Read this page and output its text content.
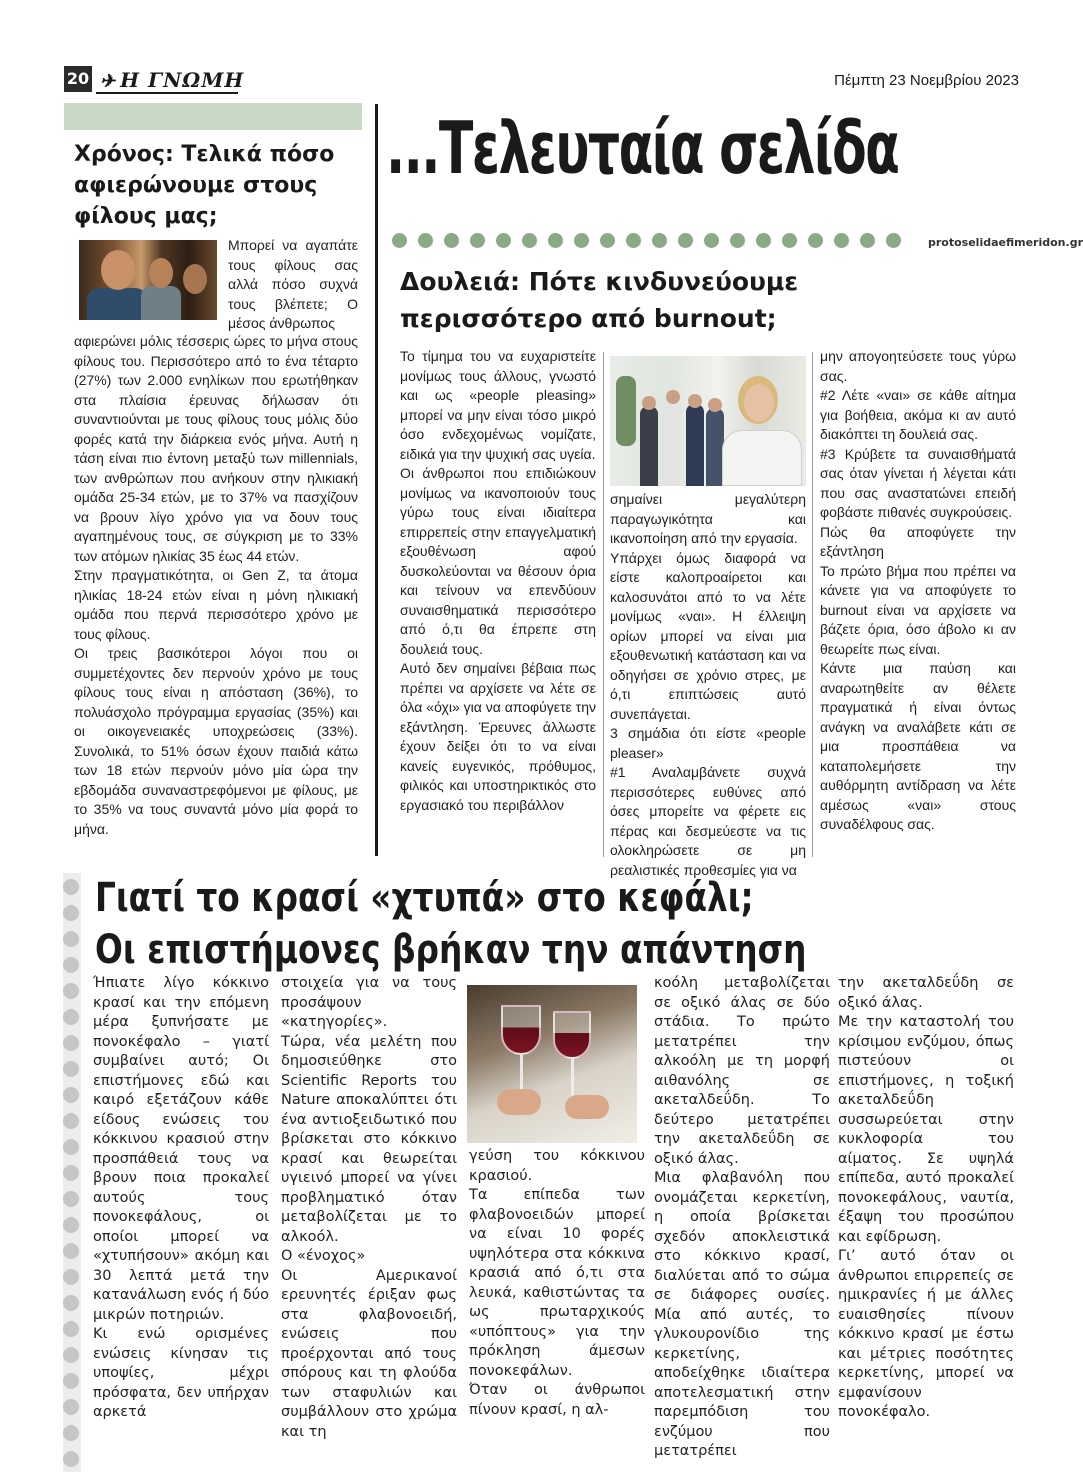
20 ✈ Η ΓΝΩΜΗ	Πέμπτη 23 Νοεμβρίου 2023
Χρόνος: Τελικά πόσο αφιερώνουμε στους φίλους μας;
Μπορεί να αγαπάτε τους φίλους σας αλλά πόσο συχνά τους βλέπετε; Ο μέσος άνθρωπος

αφιερώνει μόλις τέσσερις ώρες το μήνα στους φίλους του. Περισσότερο από το ένα τέταρτο (27%) των 2.000 ενηλίκων που ερωτήθηκαν στα πλαίσια έρευνας δήλωσαν ότι συναντιούνται με τους φίλους τους μόλις δύο φορές κατά την διάρκεια ενός μήνα. Αυτή η τάση είναι πιο έντονη μεταξύ των millennials, των ανθρώπων που ανήκουν στην ηλικιακή ομάδα 25-34 ετών, με το 37% να πασχίζουν να βρουν λίγο χρόνο για να δουν τους αγαπημένους τους, σε σύγκριση με το 33% των ατόμων ηλικίας 35 έως 44 ετών.

Στην πραγματικότητα, οι Gen Z, τα άτομα ηλικίας 18-24 ετών είναι η μόνη ηλικιακή ομάδα που περνά περισσότερο χρόνο με τους φίλους.

Οι τρεις βασικότεροι λόγοι που οι συμμετέχοντες δεν περνούν χρόνο με τους φίλους τους είναι η απόσταση (36%), το πολυάσχολο πρόγραμμα εργασίας (35%) και οι οικογενειακές υποχρεώσεις (33%). Συνολικά, το 51% όσων έχουν παιδιά κάτω των 18 ετών περνούν μόνο μία ώρα την εβδομάδα συναναστρεφόμενοι με φίλους, με το 35% να τους συναντά μόνο μία φορά το μήνα.

...Τελευταία σελίδα
protoselidaefimeridon.gr
Δουλειά: Πότε κινδυνεύουμε περισσότερο από burnout;

Το τίμημα του να ευχαριστείτε μονίμως τους άλλους, γνωστό και ως «people pleasing» μπορεί να μην είναι τόσο μικρό όσο ενδεχομένως νομίζατε, ειδικά για την ψυχική σας υγεία.

Οι άνθρωποι που επιδιώκουν μονίμως να ικανοποιούν τους γύρω τους είναι ιδιαίτερα επιρρεπείς στην επαγγελματική εξουθένωση αφού δυσκολεύονται να θέσουν όρια και τείνουν να επενδύουν συναισθηματικά περισσότερο από ό,τι θα έπρεπε στη δουλειά τους.

Αυτό δεν σημαίνει βέβαια πως πρέπει να αρχίσετε να λέτε σε όλα «όχι» για να αποφύγετε την εξάντληση. Έρευνες άλλωστε έχουν δείξει ότι το να είναι κανείς ευγενικός, πρόθυμος, φιλικός και υποστηρικτικός στο εργασιακό του περιβάλλον

σημαίνει μεγαλύτερη παραγωγικότητα και ικανοποίηση από την εργασία.

Υπάρχει όμως διαφορά να είστε καλοπροαίρετοι και καλοσυνάτοι από το να λέτε μονίμως «ναι». Η έλλειψη ορίων μπορεί να είναι μια εξουθενωτική κατάσταση και να οδηγήσει σε χρόνιο στρες, με ό,τι επιπτώσεις αυτό συνεπάγεται.

3 σημάδια ότι είστε «people pleaser»

#1 Αναλαμβάνετε συχνά περισσότερες ευθύνες από όσες μπορείτε να φέρετε εις πέρας και δεσμεύεστε να τις ολοκληρώσετε σε μη ρεαλιστικές προθεσμίες για να

μην απογοητεύσετε τους γύρω σας.

#2 Λέτε «ναι» σε κάθε αίτημα για βοήθεια, ακόμα κι αν αυτό διακόπτει τη δουλειά σας.

#3 Κρύβετε τα συναισθήματά σας όταν γίνεται ή λέγεται κάτι που σας αναστατώνει επειδή φοβάστε πιθανές συγκρούσεις.

Πώς θα αποφύγετε την εξάντληση

Το πρώτο βήμα που πρέπει να κάνετε για να αποφύγετε το burnout είναι να αρχίσετε να βάζετε όρια, όσο άβολο κι αν θεωρείτε πως είναι.

Κάντε μια παύση και αναρωτηθείτε αν θέλετε πραγματικά ή είναι όντως ανάγκη να αναλάβετε κάτι σε μια προσπάθεια να καταπολεμήσετε την αυθόρμητη αντίδραση να λέτε αμέσως «ναι» στους συναδέλφους σας.

Γιατί το κρασί «χτυπά» στο κεφάλι;
Οι επιστήμονες βρήκαν την απάντηση

Ήπιατε λίγο κόκκινο κρασί και την επόμενη μέρα ξυπνήσατε με πονοκέφαλο – γιατί συμβαίνει αυτό; Οι επιστήμονες εδώ και καιρό εξετάζουν κάθε είδους ενώσεις του κόκκινου κρασιού στην προσπάθειά τους να βρουν ποια προκαλεί αυτούς τους πονοκεφάλους, οι οποίοι μπορεί να «χτυπήσουν» ακόμη και 30 λεπτά μετά την κατανάλωση ενός ή δύο μικρών ποτηριών.

Κι ενώ ορισμένες ενώσεις κίνησαν τις υποψίες, μέχρι πρόσφατα, δεν υπήρχαν αρκετά

στοιχεία για να τους προσάψουν «κατηγορίες».

Τώρα, νέα μελέτη που δημοσιεύθηκε στο Scientific Reports του Nature αποκαλύπτει ότι ένα αντιοξειδωτικό που βρίσκεται στο κόκκινο κρασί και θεωρείται υγιεινό μπορεί να γίνει προβληματικό όταν μεταβολίζεται με το αλκοόλ.

Ο «ένοχος»

Οι Αμερικανοί ερευνητές έριξαν φως στα φλαβονοειδή, ενώσεις που προέρχονται από τους σπόρους και τη φλούδα των σταφυλιών και συμβάλλουν στο χρώμα και τη

γεύση του κόκκινου κρασιού.

Τα επίπεδα των φλαβονοειδών μπορεί να είναι 10 φορές υψηλότερα στα κόκκινα κρασιά από ό,τι στα λευκά, καθιστώντας τα ως πρωταρχικούς «υπόπτους» για την πρόκληση άμεσων πονοκεφάλων.

Όταν οι άνθρωποι πίνουν κρασί, η αλ-

κοόλη μεταβολίζεται σε οξικό άλας σε δύο στάδια. Το πρώτο μετατρέπει την αλκοόλη με τη μορφή αιθανόλης σε ακεταλδεΰδη. Το δεύτερο μετατρέπει την ακεταλδεΰδη σε οξικό άλας.

Μια φλαβανόλη που ονομάζεται κερκετίνη, η οποία βρίσκεται σχεδόν αποκλειστικά στο κόκκινο κρασί, διαλύεται από το σώμα σε διάφορες ουσίες. Μία από αυτές, το γλυκουρονίδιο της κερκετίνης, αποδείχθηκε ιδιαίτερα αποτελεσματική στην παρεμπόδιση του ενζύμου που μετατρέπει

την ακεταλδεΰδη σε οξικό άλας.

Με την καταστολή του κρίσιμου ενζύμου, όπως πιστεύουν οι επιστήμονες, η τοξική ακεταλδεΰδη συσσωρεύεται στην κυκλοφορία του αίματος. Σε υψηλά επίπεδα, αυτό προκαλεί πονοκεφάλους, ναυτία, έξαψη του προσώπου και εφίδρωση.

Γι’ αυτό όταν οι άνθρωποι επιρρεπείς σε ημικρανίες ή με άλλες ευαισθησίες πίνουν κόκκινο κρασί με έστω και μέτριες ποσότητες κερκετίνης, μπορεί να εμφανίσουν πονοκέφαλο.
